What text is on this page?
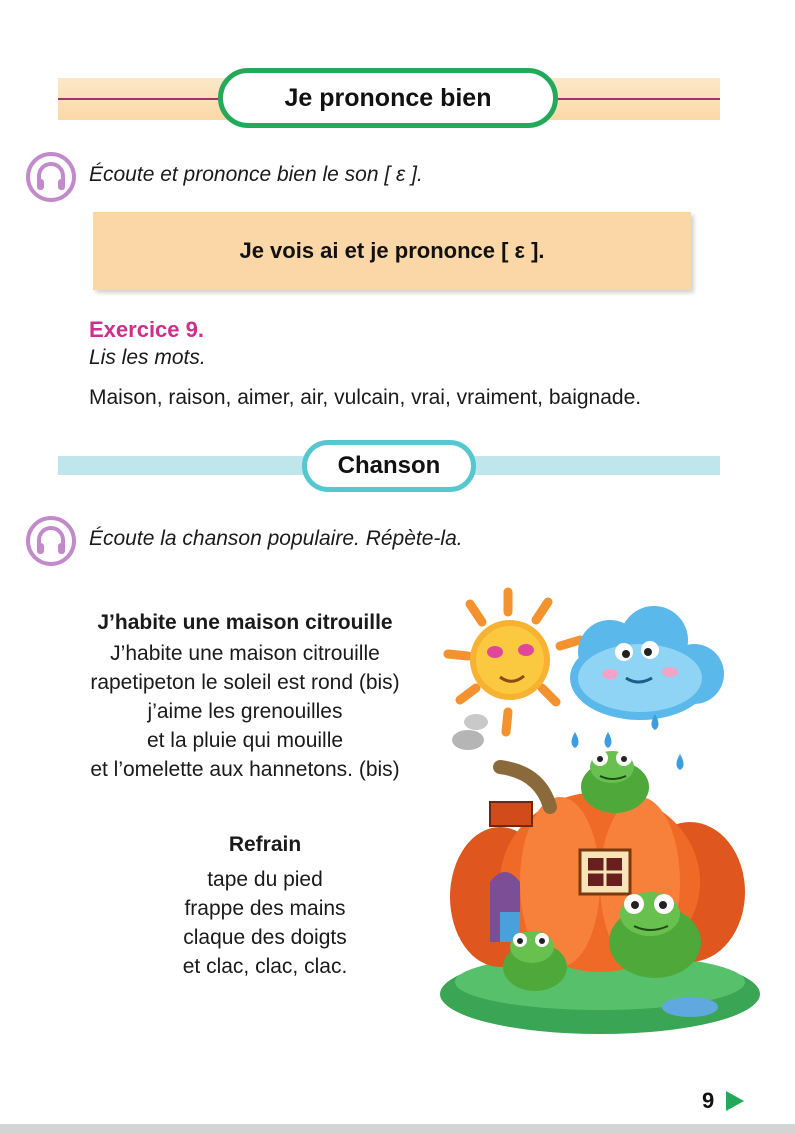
Je prononce bien
Écoute et prononce bien le son [ ε ].
Je vois ai et je prononce [ ε ].
Exercice 9.
Lis les mots.
Maison, raison, aimer, air, vulcain, vrai, vraiment, baignade.
Chanson
Écoute la chanson populaire. Répète-la.
J’habite une maison citrouille
J’habite une maison citrouille
rapetipeton le soleil est rond (bis)
j’aime les grenouilles
et la pluie qui mouille
et l’omelette aux hannetons. (bis)
Refrain
tape du pied
frappe des mains
claque des doigts
et clac, clac, clac.
9
